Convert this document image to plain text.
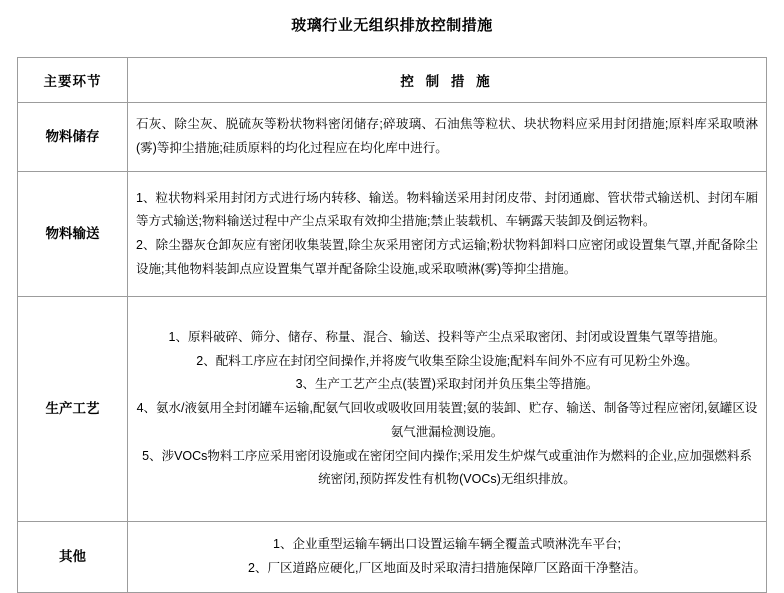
玻璃行业无组织排放控制措施
主要环节	控 制 措 施
物料储存	石灰、除尘灰、脱硫灰等粉状物料密闭储存;碎玻璃、石油焦等粒状、块状物料应采用封闭措施;原料库采取喷淋(雾)等抑尘措施;硅质原料的均化过程应在均化库中进行。

物料输送	1、粒状物料采用封闭方式进行场内转移、输送。物料输送采用封闭皮带、封闭通廊、管状带式输送机、封闭车厢等方式输送;物料输送过程中产尘点采取有效抑尘措施;禁止装载机、车辆露天装卸及倒运物料。

2、除尘器灰仓卸灰应有密闭收集装置,除尘灰采用密闭方式运输;粉状物料卸料口应密闭或设置集气罩,并配备除尘设施;其他物料装卸点应设置集气罩并配备除尘设施,或采取喷淋(雾)等抑尘措施。

生产工艺	1、原料破碎、筛分、储存、称量、混合、输送、投料等产尘点采取密闭、封闭或设置集气罩等措施。

2、配料工序应在封闭空间操作,并将废气收集至除尘设施;配料车间外不应有可见粉尘外逸。

3、生产工艺产尘点(装置)采取封闭并负压集尘等措施。

4、氨水/液氨用全封闭罐车运输,配氨气回收或吸收回用装置;氨的装卸、贮存、输送、制备等过程应密闭,氨罐区设氨气泄漏检测设施。

5、涉VOCs物料工序应采用密闭设施或在密闭空间内操作;采用发生炉煤气或重油作为燃料的企业,应加强燃料系统密闭,预防挥发性有机物(VOCs)无组织排放。

其他	1、企业重型运输车辆出口设置运输车辆全覆盖式喷淋洗车平台;

2、厂区道路应硬化,厂区地面及时采取清扫措施保障厂区路面干净整洁。
